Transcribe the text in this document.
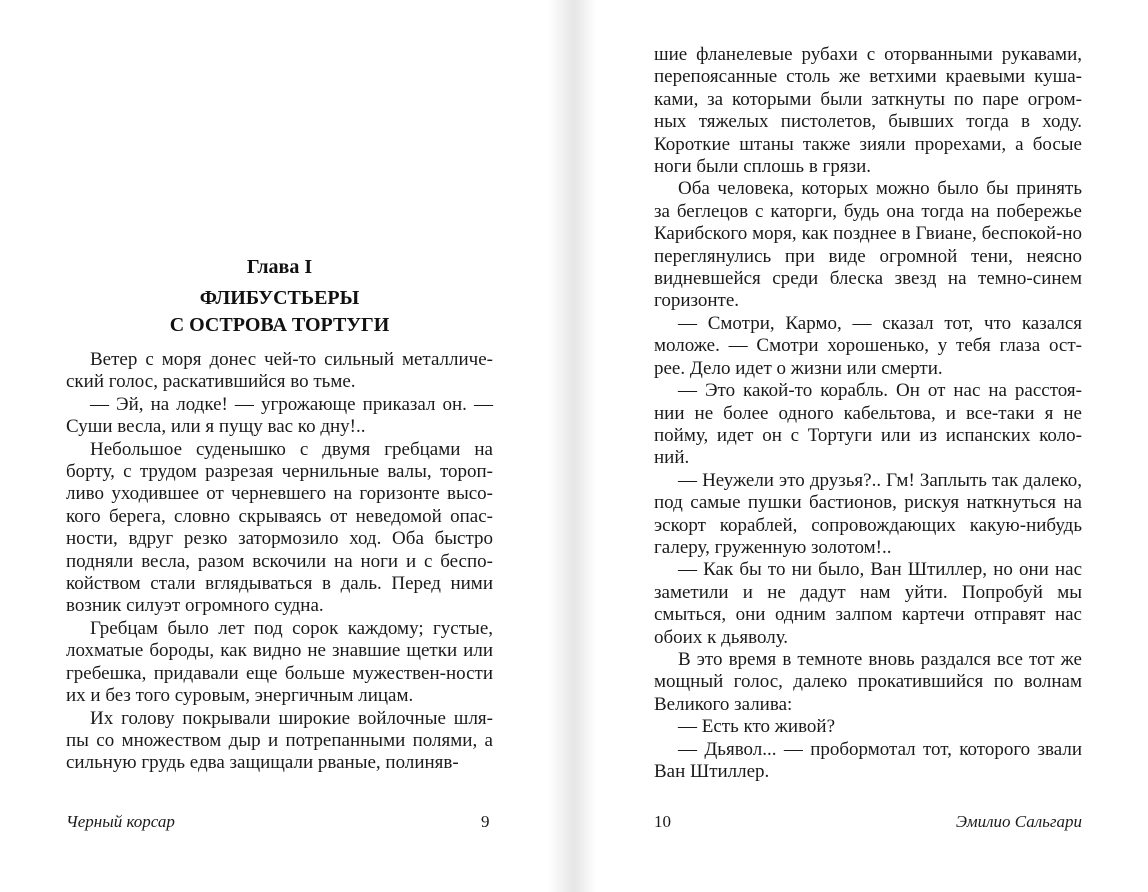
Глава I
ФЛИБУСТЬЕРЫ
С ОСТРОВА ТОРТУГИ

Ветер с моря донес чей-то сильный металличе-ский голос, раскатившийся во тьме.

— Эй, на лодке! — угрожающе приказал он. — Суши весла, или я пущу вас ко дну!..

Небольшое суденышко с двумя гребцами на борту, с трудом разрезая чернильные валы, тороп-ливо уходившее от черневшего на горизонте высо-кого берега, словно скрываясь от неведомой опас-ности, вдруг резко затормозило ход. Оба быстро подняли весла, разом вскочили на ноги и с беспо-койством стали вглядываться в даль. Перед ними возник силуэт огромного судна.

Гребцам было лет под сорок каждому; густые, лохматые бороды, как видно не знавшие щетки или гребешка, придавали еще больше мужествен-ности их и без того суровым, энергичным лицам.

Их голову покрывали широкие войлочные шля-пы со множеством дыр и потрепанными полями, а сильную грудь едва защищали рваные, полиняв-

Черный корсар	9

шие фланелевые рубахи с оторванными рукавами, перепоясанные столь же ветхими краевыми куша-ками, за которыми были заткнуты по паре огром-ных тяжелых пистолетов, бывших тогда в ходу. Короткие штаны также зияли прорехами, а босые ноги были сплошь в грязи.

Оба человека, которых можно было бы принять за беглецов с каторги, будь она тогда на побережье Карибского моря, как позднее в Гвиане, беспокой-но переглянулись при виде огромной тени, неясно видневшейся среди блеска звезд на темно-синем горизонте.

— Смотри, Кармо, — сказал тот, что казался моложе. — Смотри хорошенько, у тебя глаза ост-рее. Дело идет о жизни или смерти.

— Это какой-то корабль. Он от нас на расстоя-нии не более одного кабельтова, и все-таки я не пойму, идет он с Тортуги или из испанских коло-ний.

— Неужели это друзья?.. Гм! Заплыть так далеко, под самые пушки бастионов, рискуя наткнуться на эскорт кораблей, сопровождающих какую-нибудь галеру, груженную золотом!..

— Как бы то ни было, Ван Штиллер, но они нас заметили и не дадут нам уйти. Попробуй мы смыться, они одним залпом картечи отправят нас обоих к дьяволу.

В это время в темноте вновь раздался все тот же мощный голос, далеко прокатившийся по волнам Великого залива:

— Есть кто живой?

— Дьявол... — пробормотал тот, которого звали Ван Штиллер.

10	Эмилио Сальгари
